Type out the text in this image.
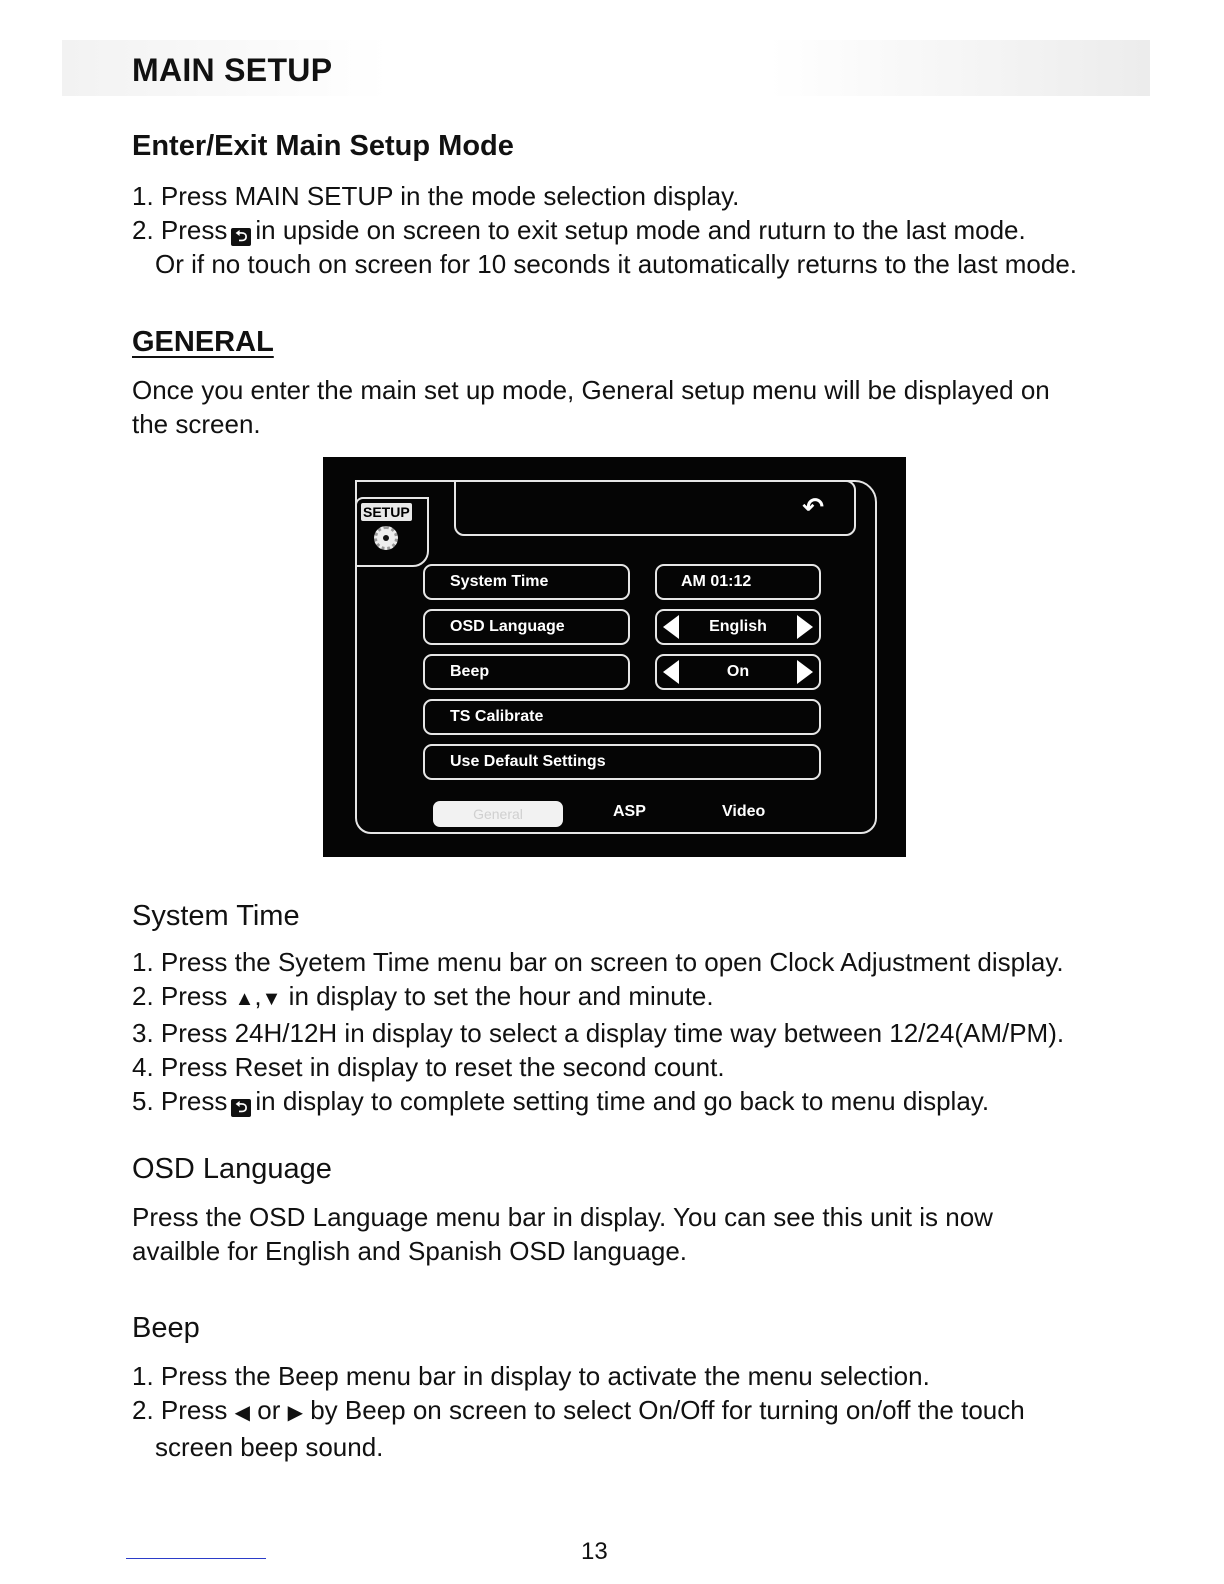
MAIN SETUP
Enter/Exit Main Setup Mode
1. Press MAIN SETUP in the mode selection display.
2. Press ⮌ in upside on screen to exit setup mode and ruturn to the last mode.
Or if no touch on screen for 10 seconds it automatically returns to the last mode.
GENERAL
Once you enter the main set up mode, General setup menu will be displayed on
the screen.
↶
SETUP
System Time	AM 01:12
OSD Language	English
Beep	On
TS Calibrate
Use Default Settings
General	ASP	Video
System Time
1. Press the Syetem Time menu bar on screen to open Clock Adjustment display.
2. Press ▲,▼ in display to set the hour and minute.
3. Press 24H/12H in display to select a display time way between 12/24(AM/PM).
4. Press Reset in display to reset the second count.
5. Press ⮌ in display to complete setting time and go back to menu display.
OSD Language
Press the OSD Language menu bar in display. You can see this unit is now
availble for English and Spanish OSD language.
Beep
1. Press the Beep menu bar in display to activate the menu selection.
2. Press ◀ or ▶ by Beep on screen to select On/Off for turning on/off the touch
screen beep sound.

13
